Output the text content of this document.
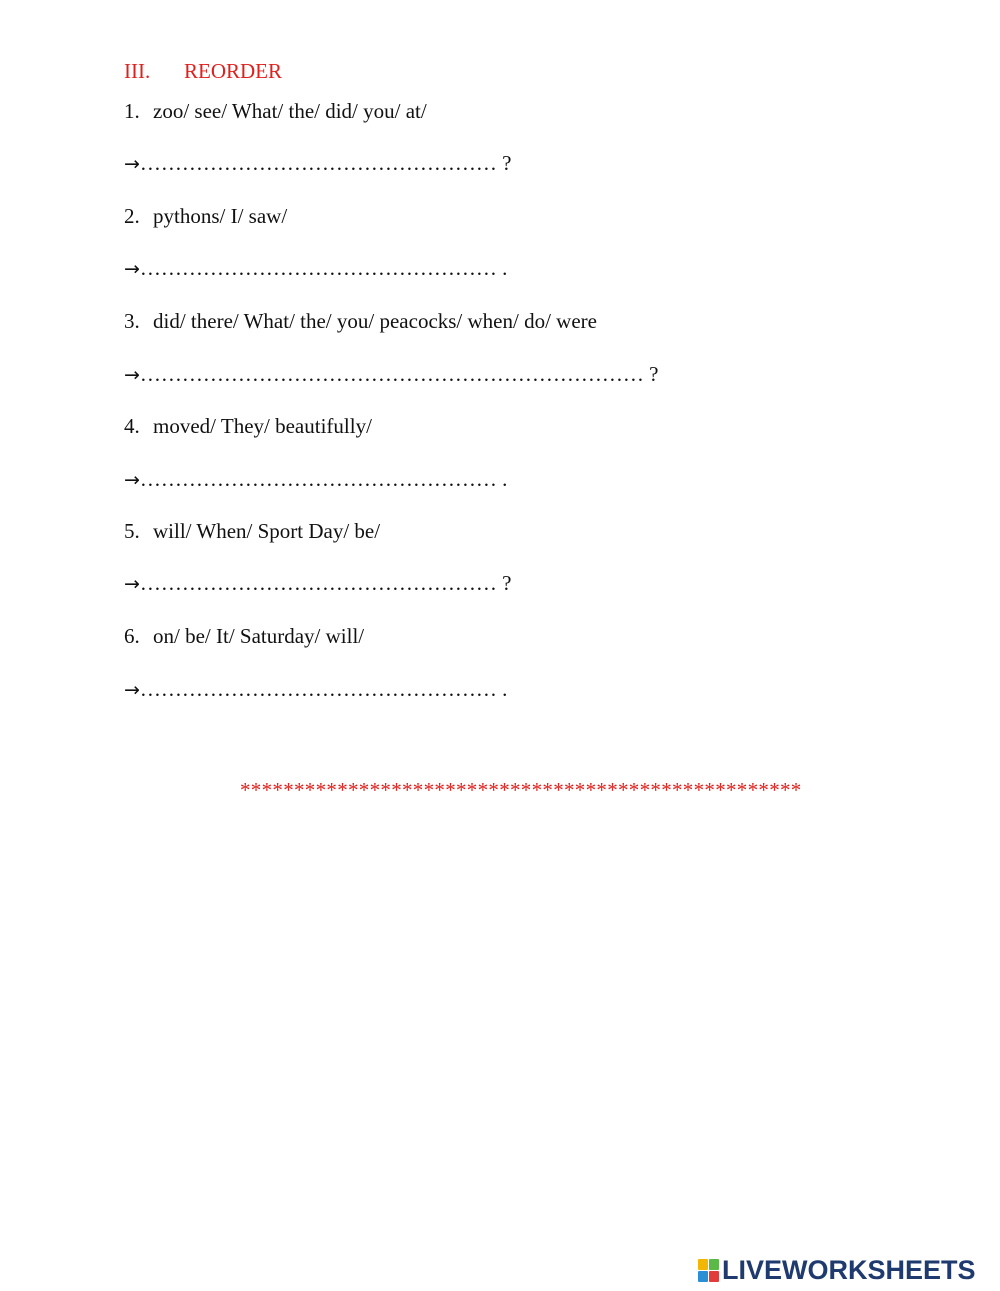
III. REORDER
1. zoo/ see/ What/ the/ did/ you/ at/
→…………………………………………… ?
2. pythons/ I/ saw/
→…………………………………………… .
3. did/ there/ What/ the/ you/ peacocks/ when/ do/ were
→……………………………………………………………… ?
4. moved/ They/ beautifully/
→…………………………………………… .
5. will/ When/ Sport Day/ be/
→…………………………………………… ?
6. on/ be/ It/ Saturday/ will/
→…………………………………………… .
****************************************************
LIVEWORKSHEETS
